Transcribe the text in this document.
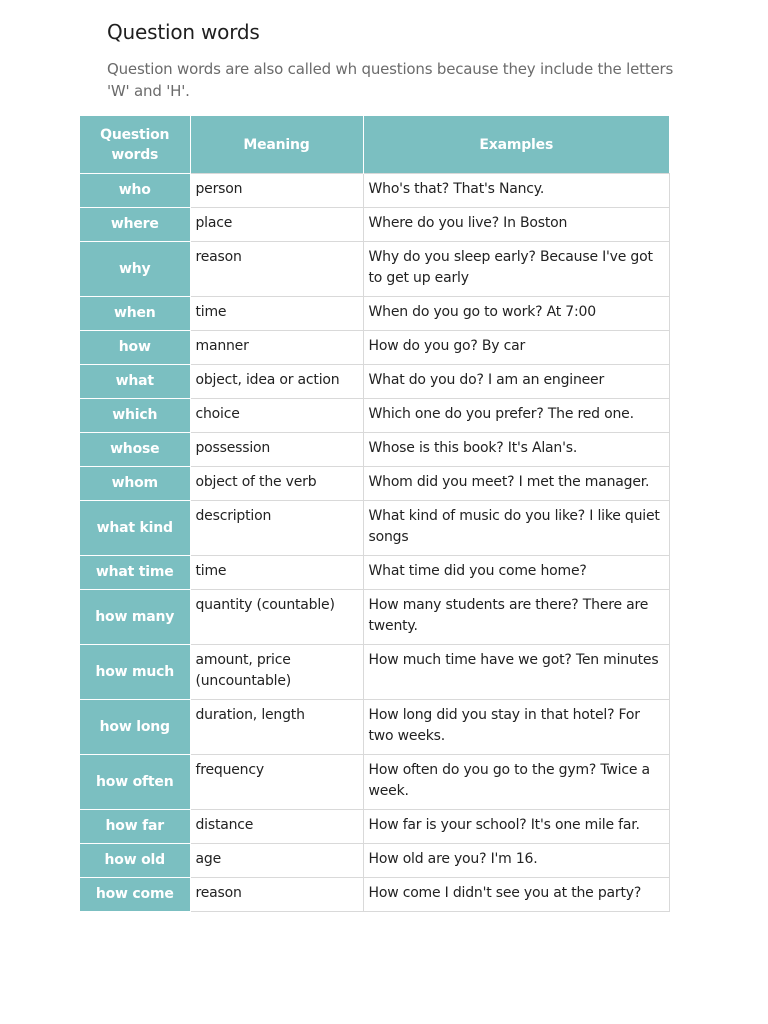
Question words

Question words are also called wh questions because they include the letters 'W' and 'H'.

Question words	Meaning	Examples
who	person	Who's that? That's Nancy.
where	place	Where do you live? In Boston
why	reason	Why do you sleep early? Because I've got to get up early
when	time	When do you go to work? At 7:00
how	manner	How do you go? By car
what	object, idea or action	What do you do? I am an engineer
which	choice	Which one do you prefer? The red one.
whose	possession	Whose is this book? It's Alan's.
whom	object of the verb	Whom did you meet? I met the manager.
what kind	description	What kind of music do you like? I like quiet songs
what time	time	What time did you come home?
how many	quantity (countable)	How many students are there? There are twenty.
how much	amount, price (uncountable)	How much time have we got? Ten minutes
how long	duration, length	How long did you stay in that hotel? For two weeks.
how often	frequency	How often do you go to the gym? Twice a week.
how far	distance	How far is your school? It's one mile far.
how old	age	How old are you? I'm 16.
how come	reason	How come I didn't see you at the party?
